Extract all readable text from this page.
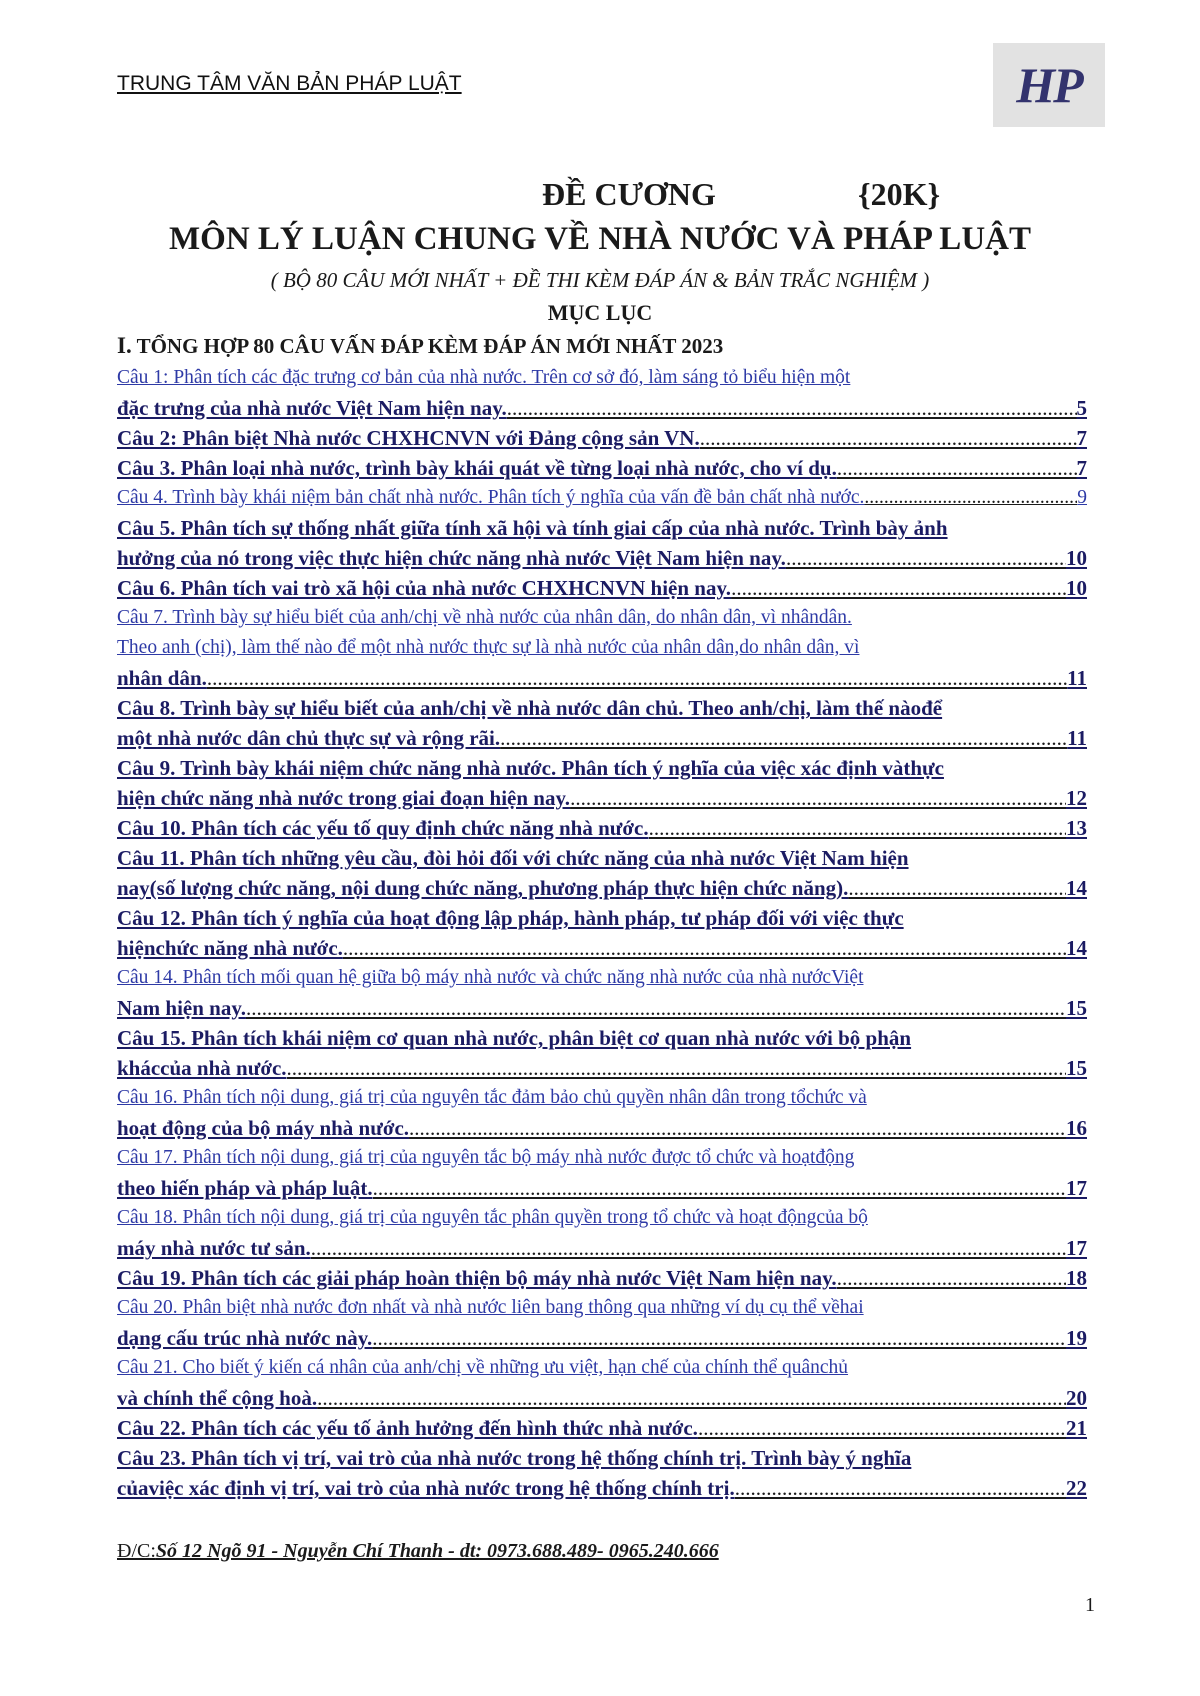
TRUNG TÂM VĂN BẢN PHÁP LUẬT	HP
ĐỀ CƯƠNG	{20K}
MÔN LÝ LUẬN CHUNG VỀ NHÀ NƯỚC VÀ PHÁP LUẬT
( BỘ 80 CÂU MỚI NHẤT + ĐỀ THI KÈM ĐÁP ÁN & BẢN TRẮC NGHIỆM )
MỤC LỤC
I. TỔNG HỢP 80 CÂU VẤN ĐÁP KÈM ĐÁP ÁN MỚI NHẤT 2023
Câu 1: Phân tích các đặc trưng cơ bản của nhà nước. Trên cơ sở đó, làm sáng tỏ biểu hiện một
đặc trưng của nhà nước Việt Nam hiện nay. .....	5
Câu 2: Phân biệt Nhà nước CHXHCNVN với Đảng cộng sản VN. .....	7
Câu 3. Phân loại nhà nước, trình bày khái quát về từng loại nhà nước, cho ví dụ. .....	7
Câu 4. Trình bày khái niệm bản chất nhà nước. Phân tích ý nghĩa của vấn đề bản chất nhà nước. .....	9
Câu 5. Phân tích sự thống nhất giữa tính xã hội và tính giai cấp của nhà nước. Trình bày ảnh
hưởng của nó trong việc thực hiện chức năng nhà nước Việt Nam hiện nay. .....	10
Câu 6. Phân tích vai trò xã hội của nhà nước CHXHCNVN hiện nay. .....	10
Câu 7. Trình bày sự hiểu biết của anh/chị về nhà nước của nhân dân, do nhân dân, vì nhândân.
Theo anh (chị), làm thế nào để một nhà nước thực sự là nhà nước của nhân dân,do nhân dân, vì
nhân dân. .....	11
Câu 8. Trình bày sự hiểu biết của anh/chị về nhà nước dân chủ. Theo anh/chị, làm thế nàođể
một nhà nước dân chủ thực sự và rộng rãi. .....	11
Câu 9. Trình bày khái niệm chức năng nhà nước. Phân tích ý nghĩa của việc xác định vàthực
hiện chức năng nhà nước trong giai đoạn hiện nay. .....	12
Câu 10. Phân tích các yếu tố quy định chức năng nhà nước. .....	13
Câu 11. Phân tích những yêu cầu, đòi hỏi đối với chức năng của nhà nước Việt Nam hiện
nay(số lượng chức năng, nội dung chức năng, phương pháp thực hiện chức năng). .....	14
Câu 12. Phân tích ý nghĩa của hoạt động lập pháp, hành pháp, tư pháp đối với việc thực
hiệnchức năng nhà nước. .....	14
Câu 14. Phân tích mối quan hệ giữa bộ máy nhà nước và chức năng nhà nước của nhà nướcViệt
Nam hiện nay. .....	15
Câu 15. Phân tích khái niệm cơ quan nhà nước, phân biệt cơ quan nhà nước với bộ phận
kháccủa nhà nước. .....	15
Câu 16. Phân tích nội dung, giá trị của nguyên tắc đảm bảo chủ quyền nhân dân trong tổchức và
hoạt động của bộ máy nhà nước. .....	16
Câu 17. Phân tích nội dung, giá trị của nguyên tắc bộ máy nhà nước được tổ chức và hoạtđộng
theo hiến pháp và pháp luật. .....	17
Câu 18. Phân tích nội dung, giá trị của nguyên tắc phân quyền trong tổ chức và hoạt độngcủa bộ
máy nhà nước tư sản. .....	17
Câu 19. Phân tích các giải pháp hoàn thiện bộ máy nhà nước Việt Nam hiện nay. .....	18
Câu 20. Phân biệt nhà nước đơn nhất và nhà nước liên bang thông qua những ví dụ cụ thể vềhai
dạng cấu trúc nhà nước này. .....	19
Câu 21. Cho biết ý kiến cá nhân của anh/chị về những ưu việt, hạn chế của chính thể quânchủ
và chính thể cộng hoà. .....	20
Câu 22. Phân tích các yếu tố ảnh hưởng đến hình thức nhà nước. .....	21
Câu 23. Phân tích vị trí, vai trò của nhà nước trong hệ thống chính trị. Trình bày ý nghĩa
củaviệc xác định vị trí, vai trò của nhà nước trong hệ thống chính trị. .....	22
Đ/C:Số 12 Ngõ 91 - Nguyễn Chí Thanh - dt: 0973.688.489- 0965.240.666
1
